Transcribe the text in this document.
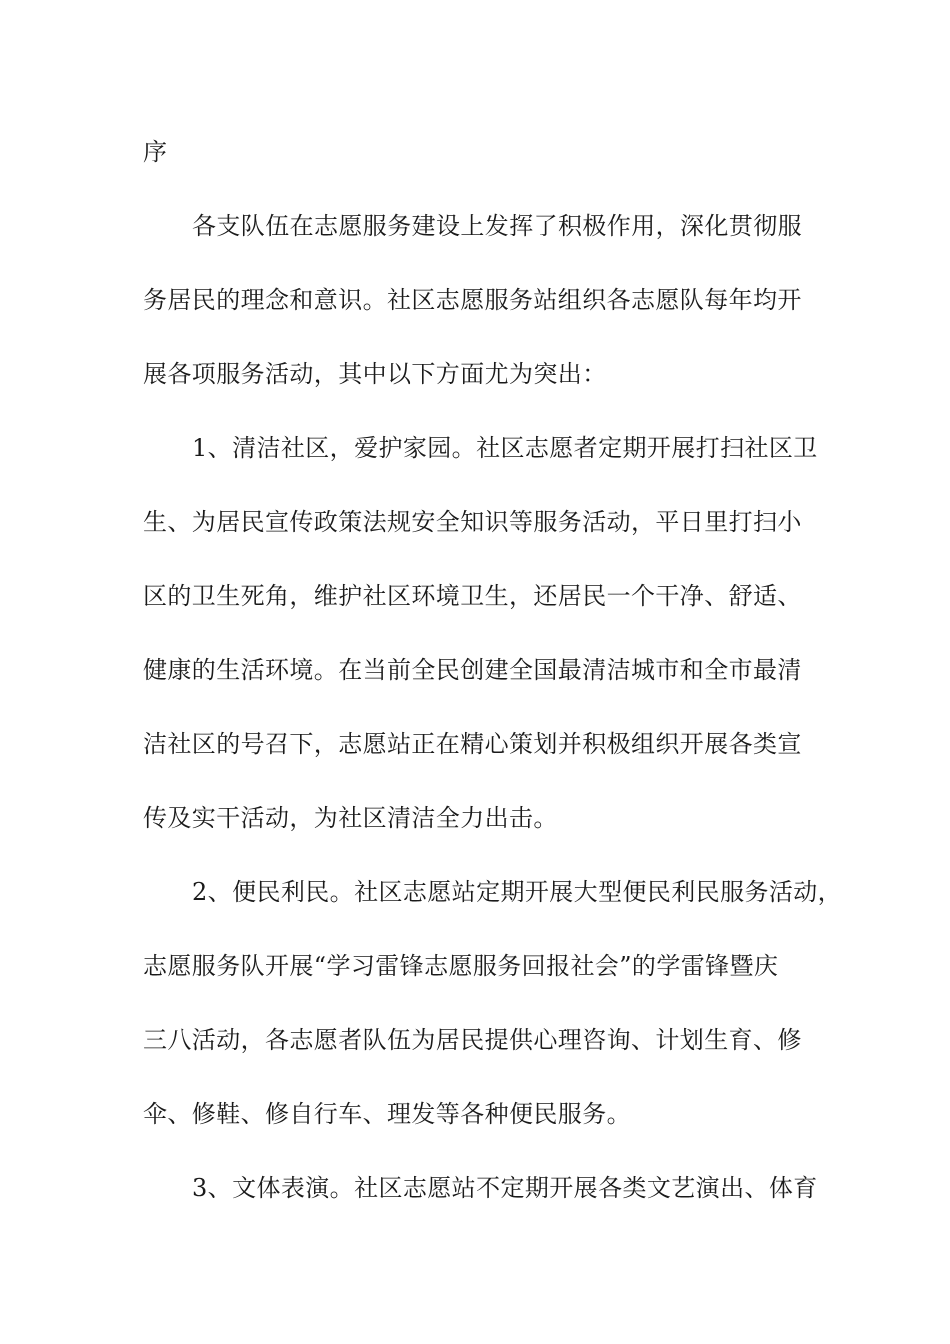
序
各支队伍在志愿服务建设上发挥了积极作用，深化贯彻服
务居民的理念和意识。社区志愿服务站组织各志愿队每年均开
展各项服务活动，其中以下方面尤为突出：
1、清洁社区，爱护家园。社区志愿者定期开展打扫社区卫
生、为居民宣传政策法规安全知识等服务活动，平日里打扫小
区的卫生死角，维护社区环境卫生，还居民一个干净、舒适、
健康的生活环境。在当前全民创建全国最清洁城市和全市最清
洁社区的号召下，志愿站正在精心策划并积极组织开展各类宣
传及实干活动，为社区清洁全力出击。
2、便民利民。社区志愿站定期开展大型便民利民服务活动，
志愿服务队开展“学习雷锋志愿服务回报社会”的学雷锋暨庆
三八活动，各志愿者队伍为居民提供心理咨询、计划生育、修
伞、修鞋、修自行车、理发等各种便民服务。
3、文体表演。社区志愿站不定期开展各类文艺演出、体育
